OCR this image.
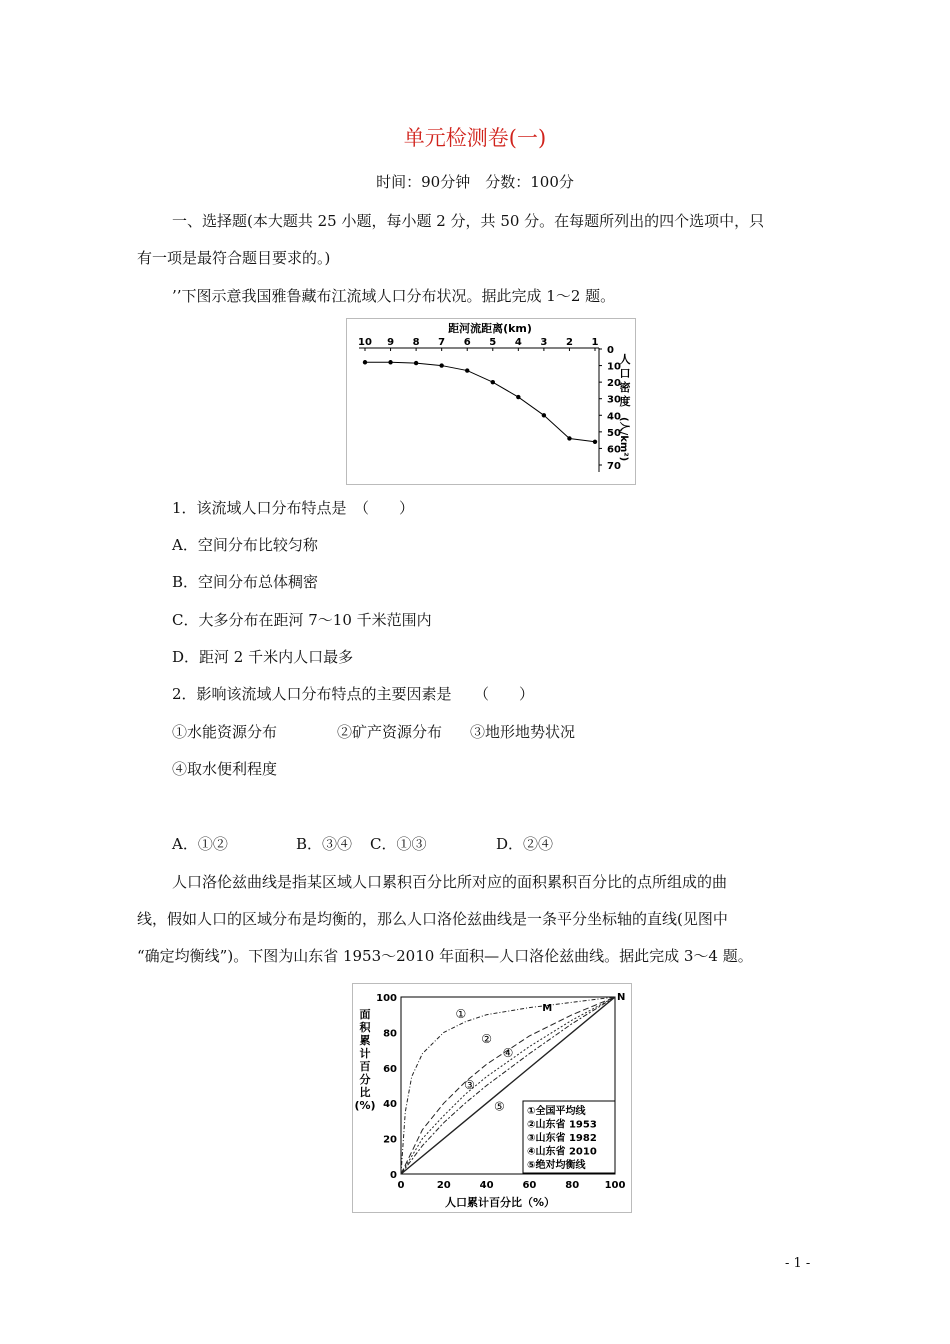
单元检测卷(一)
时间：90分钟　分数：100分
一、选择题(本大题共 25 小题，每小题 2 分，共 50 分。在每题所列出的四个选项中，只
有一项是最符合题目要求的。)
’’下图示意我国雅鲁藏布江流域人口分布状况。据此完成 1～2 题。
距河流距离(km)
10 9 8 7 6 5 4 3 2 1
0
10
20
30
40
50
60
70
人
口
密
度
(人/km²)
1．该流域人口分布特点是　（　　）
A．空间分布比较匀称
B．空间分布总体稠密
C．大多分布在距河 7～10 千米范围内
D．距河 2 千米内人口最多
2．影响该流域人口分布特点的主要因素是　　（　　）
①水能资源分布	②矿产资源分布 ③地形地势状况
④取水便利程度
A．①②	B．③④ C．①③	D．②④
人口洛伦兹曲线是指某区域人口累积百分比所对应的面积累积百分比的点所组成的曲
线，假如人口的区域分布是均衡的，那么人口洛伦兹曲线是一条平分坐标轴的直线(见图中
“确定均衡线”)。下图为山东省 1953～2010 年面积—人口洛伦兹曲线。据此完成 3～4 题。
0	20	40	60	80	100
0
20
40
60
80
100
人口累计百分比（%）
面
积
累
计
百
分
比
(%)
①
②
③
④
⑤
M
N
①全国平均线
②山东省 1953
③山东省 1982
④山东省 2010
⑤绝对均衡线
- 1 -
